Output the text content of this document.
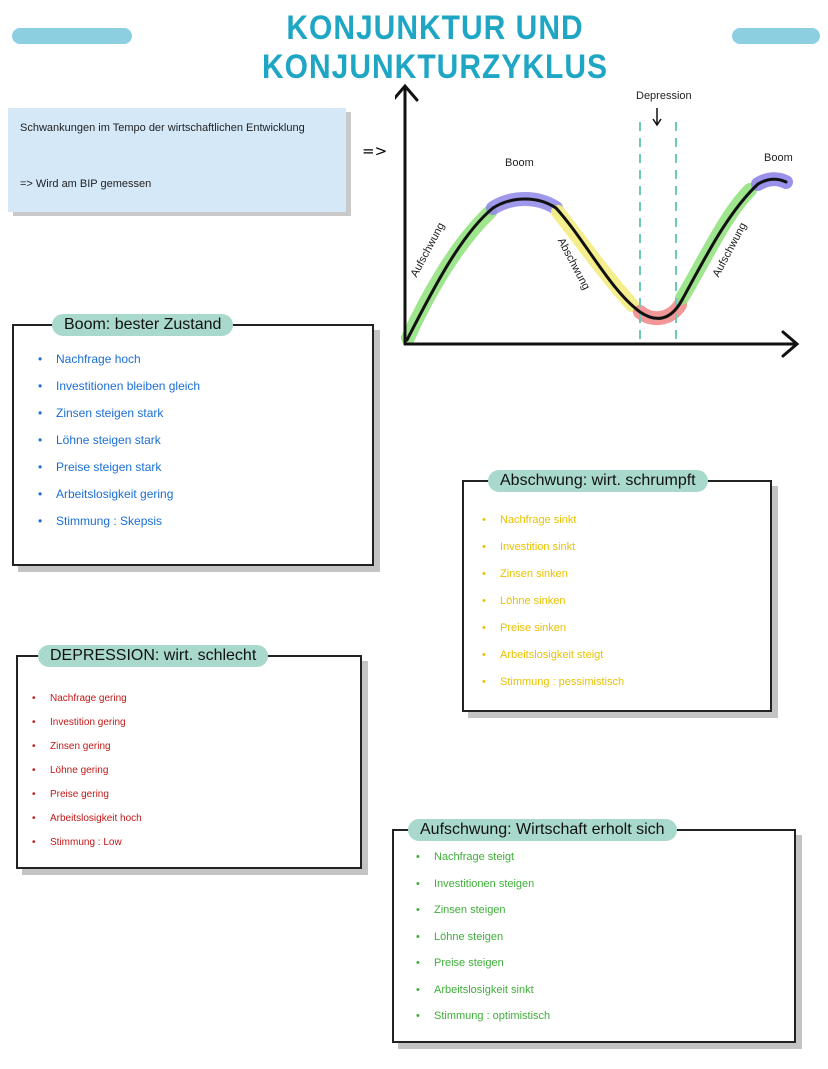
KONJUNKTUR UND KONJUNKTURZYKLUS
Schwankungen im Tempo der wirtschaftlichen Entwicklung
=> Wird am BIP gemessen
=>
Depression
Boom	Boom
Aufschwung	Abschwung	Aufschwung
Boom: bester Zustand
• Nachfrage hoch
• Investitionen bleiben gleich
• Zinsen steigen stark
• Löhne steigen stark
• Preise steigen stark
• Arbeitslosigkeit gering
• Stimmung : Skepsis
Abschwung: wirt. schrumpft
• Nachfrage sinkt
• Investition sinkt
• Zinsen sinken
• Löhne sinken
• Preise sinken
• Arbeitslosigkeit steigt
• Stimmung : pessimistisch
DEPRESSION: wirt. schlecht
• Nachfrage gering
• Investition gering
• Zinsen gering
• Löhne gering
• Preise gering
• Arbeitslosigkeit hoch
• Stimmung : Low
Aufschwung: Wirtschaft erholt sich
• Nachfrage steigt
• Investitionen steigen
• Zinsen steigen
• Löhne steigen
• Preise steigen
• Arbeitslosigkeit sinkt
• Stimmung : optimistisch
